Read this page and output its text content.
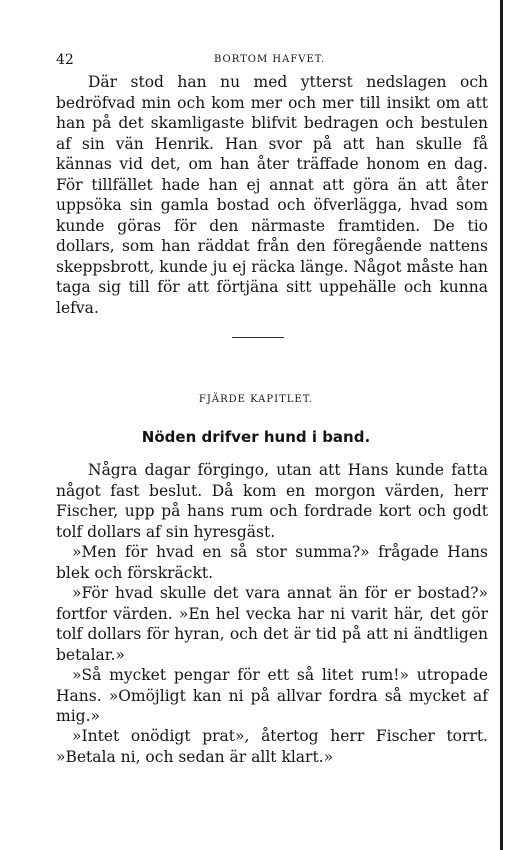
42	BORTOM HAFVET.

Där stod han nu med ytterst nedslagen och bedröfvad min och kom mer och mer till insikt om att han på det skamligaste blifvit bedragen och bestulen af sin vän Henrik. Han svor på att han skulle få kännas vid det, om han åter träffade honom en dag. För tillfället hade han ej annat att göra än att åter uppsöka sin gamla bostad och öfverlägga, hvad som kunde göras för den närmaste framtiden. De tio dollars, som han räddat från den föregående nattens skeppsbrott, kunde ju ej räcka länge. Något måste han taga sig till för att förtjäna sitt uppehälle och kunna lefva.

FJÄRDE KAPITLET.
Nöden drifver hund i band.

Några dagar förgingo, utan att Hans kunde fatta något fast beslut. Då kom en morgon värden, herr Fischer, upp på hans rum och fordrade kort och godt tolf dollars af sin hyresgäst.

»Men för hvad en så stor summa?» frågade Hans blek och förskräckt.

»För hvad skulle det vara annat än för er bostad?» fortfor värden. »En hel vecka har ni varit här, det gör tolf dollars för hyran, och det är tid på att ni ändtligen betalar.»

»Så mycket pengar för ett så litet rum!» utropade Hans. »Omöjligt kan ni på allvar fordra så mycket af mig.»

»Intet onödigt prat», återtog herr Fischer torrt. »Betala ni, och sedan är allt klart.»
